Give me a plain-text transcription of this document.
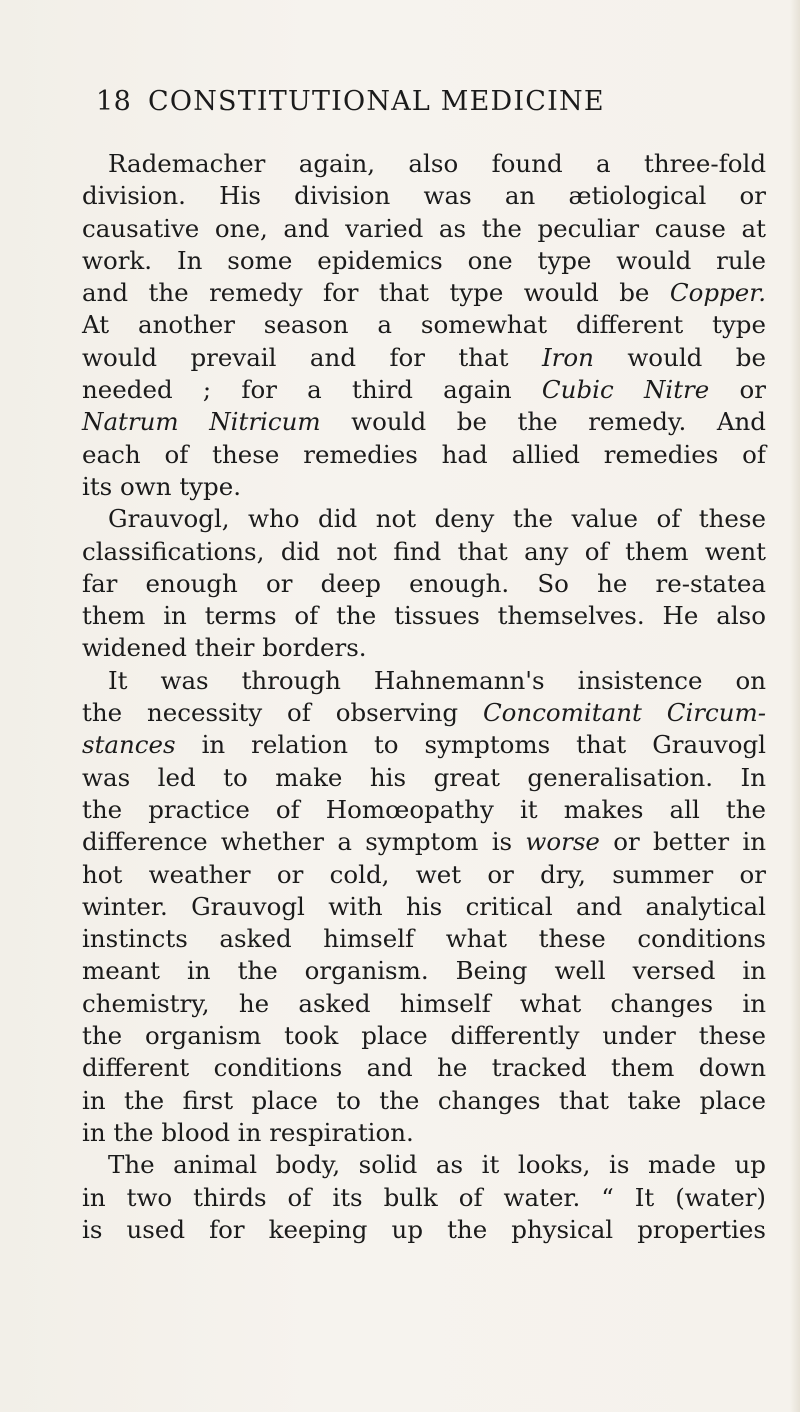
18 CONSTITUTIONAL MEDICINE
Rademacher again, also found a three-fold
division. His division was an ætiological or
causative one, and varied as the peculiar cause at
work. In some epidemics one type would rule
and the remedy for that type would be Copper.
At another season a somewhat different type
would prevail and for that Iron would be
needed ; for a third again Cubic Nitre or
Natrum Nitricum would be the remedy. And
each of these remedies had allied remedies of
its own type.
Grauvogl, who did not deny the value of these
classifications, did not find that any of them went
far enough or deep enough. So he re-statea
them in terms of the tissues themselves. He also
widened their borders.
It was through Hahnemann's insistence on
the necessity of observing Concomitant Circum-
stances in relation to symptoms that Grauvogl
was led to make his great generalisation. In
the practice of Homœopathy it makes all the
difference whether a symptom is worse or better in
hot weather or cold, wet or dry, summer or
winter. Grauvogl with his critical and analytical
instincts asked himself what these conditions
meant in the organism. Being well versed in
chemistry, he asked himself what changes in
the organism took place differently under these
different conditions and he tracked them down
in the first place to the changes that take place
in the blood in respiration.
The animal body, solid as it looks, is made up
in two thirds of its bulk of water. “ It (water)
is used for keeping up the physical properties
